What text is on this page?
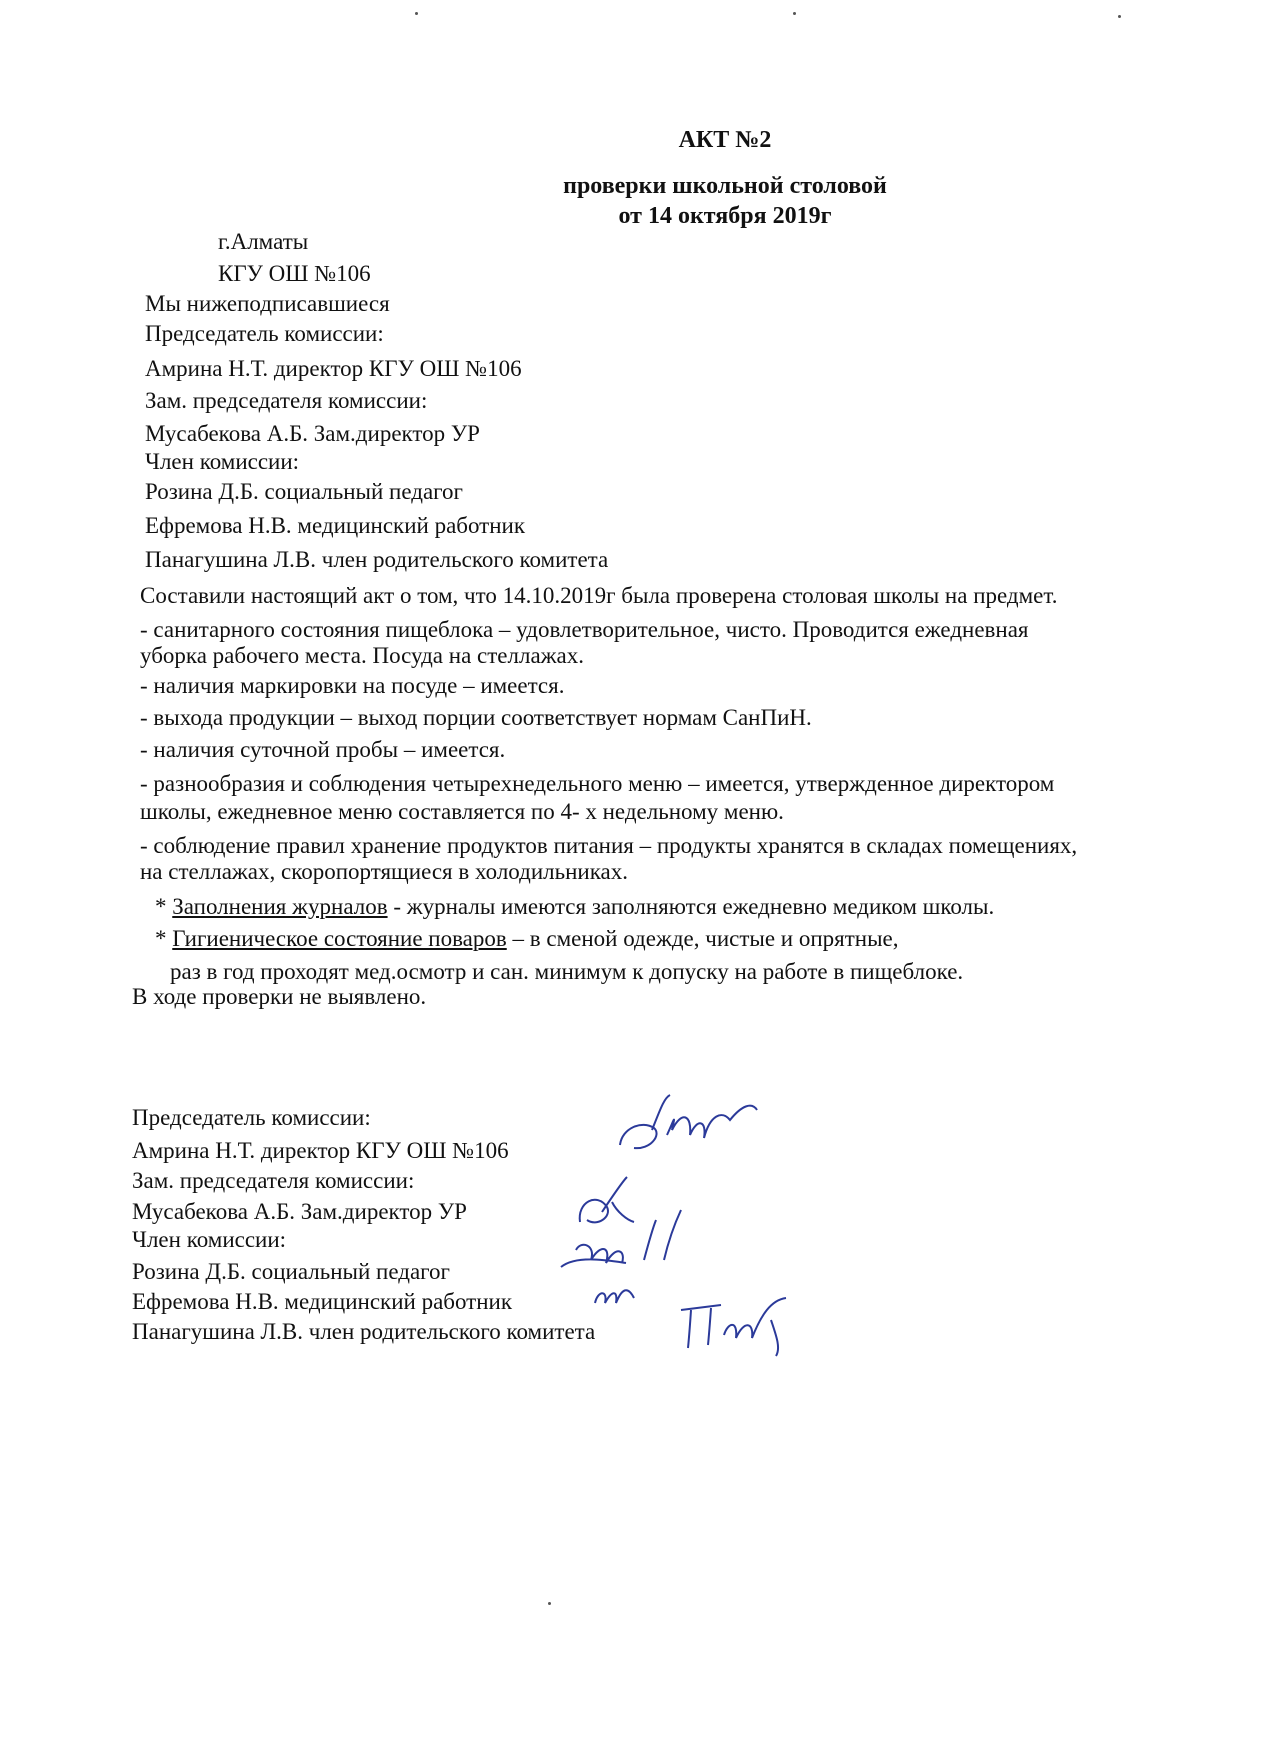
АКТ №2
проверки школьной столовой
от 14 октября 2019г
г.Алматы
КГУ ОШ №106
Мы нижеподписавшиеся
Председатель комиссии:
Амрина Н.Т. директор КГУ ОШ №106
Зам. председателя комиссии:
Мусабекова А.Б. Зам.директор УР
Член комиссии:
Розина Д.Б. социальный педагог
Ефремова Н.В. медицинский работник
Панагушина Л.В. член родительского комитета
Составили настоящий акт о том, что 14.10.2019г была проверена столовая школы на предмет.
- санитарного состояния пищеблока – удовлетворительное, чисто. Проводится ежедневная
уборка рабочего места. Посуда на стеллажах.
- наличия маркировки на посуде – имеется.
- выхода продукции – выход порции соответствует нормам СанПиН.
- наличия суточной пробы – имеется.
- разнообразия и соблюдения четырехнедельного меню – имеется, утвержденное директором
школы, ежедневное меню составляется по 4- х недельному меню.
- соблюдение правил хранение продуктов питания – продукты хранятся в складах помещениях,
на стеллажах, скоропортящиеся в холодильниках.
* Заполнения журналов - журналы имеются заполняются ежедневно медиком школы.
* Гигиеническое состояние поваров – в сменой одежде, чистые и опрятные,
раз в год проходят мед.осмотр и сан. минимум к допуску на работе в пищеблоке.
В ходе проверки не выявлено.
Председатель комиссии:
Амрина Н.Т. директор КГУ ОШ №106
Зам. председателя комиссии:
Мусабекова А.Б. Зам.директор УР
Член комиссии:
Розина Д.Б. социальный педагог
Ефремова Н.В. медицинский работник
Панагушина Л.В. член родительского комитета
